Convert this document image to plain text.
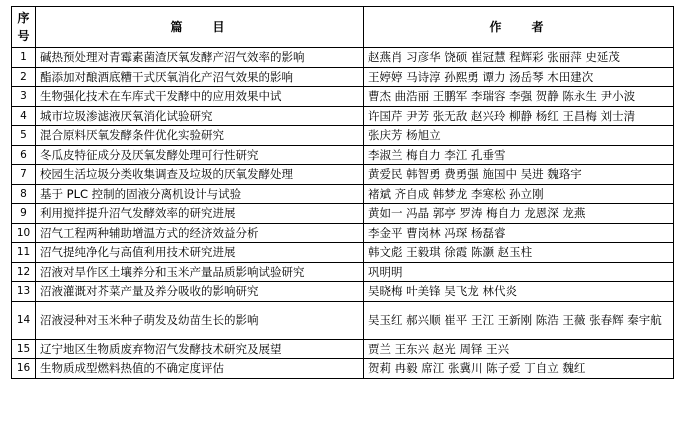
序
号	篇目	作者
1	碱热预处理对青霉素菌渣厌氧发酵产沼气效率的影响	赵燕肖 习彦华 饶硕 崔冠慧 程辉彩 张丽萍 史延茂
2	酯添加对酿酒底糟干式厌氧消化产沼气效果的影响	王婷婷 马诗淳 孙熙勇 谭力 汤岳琴 木田建次
3	生物强化技术在车库式干发酵中的应用效果中试	曹杰 曲浩丽 王鹏军 李瑞容 李强 贺静 陈永生 尹小波
4	城市垃圾渗滤液厌氧消化试验研究	许国芹 尹芳 张无敌 赵兴玲 柳静 杨红 王昌梅 刘士清
5	混合原料厌氧发酵条件优化实验研究	张庆芳 杨旭立
6	冬瓜皮特征成分及厌氧发酵处理可行性研究	李淑兰 梅自力 李江 孔垂雪
7	校园生活垃圾分类收集调查及垃圾的厌氧发酵处理	黄爱民 韩智勇 费勇强 施国中 吴进 魏珞宇
8	基于 PLC 控制的固液分离机设计与试验	褚斌 齐自成 韩梦龙 李寒松 孙立刚
9	利用搅拌提升沼气发酵效率的研究进展	黄如一 冯晶 郭亭 罗涛 梅自力 龙恩深 龙燕
10	沼气工程两种辅助增温方式的经济效益分析	李金平 曹岗林 冯琛 杨磊睿
11	沼气提纯净化与高值利用技术研究进展	韩文彪 王毅琪 徐霞 陈灏 赵玉柱
12	沼液对旱作区土壤养分和玉米产量品质影响试验研究	巩明明
13	沼液灌溉对芥菜产量及养分吸收的影响研究	吴晓梅 叶美锋 吴飞龙 林代炎
14	沼液浸种对玉米种子萌发及幼苗生长的影响	吴玉红 郝兴顺 崔平 王江 王新刚 陈浩 王薇 张春辉 秦宇航
15	辽宁地区生物质废弃物沼气发酵技术研究及展望	贾兰 王东兴 赵光 周铎 王兴
16	生物质成型燃料热值的不确定度评估	贺莉 冉毅 席江 张冀川 陈子爱 丁自立 魏红
